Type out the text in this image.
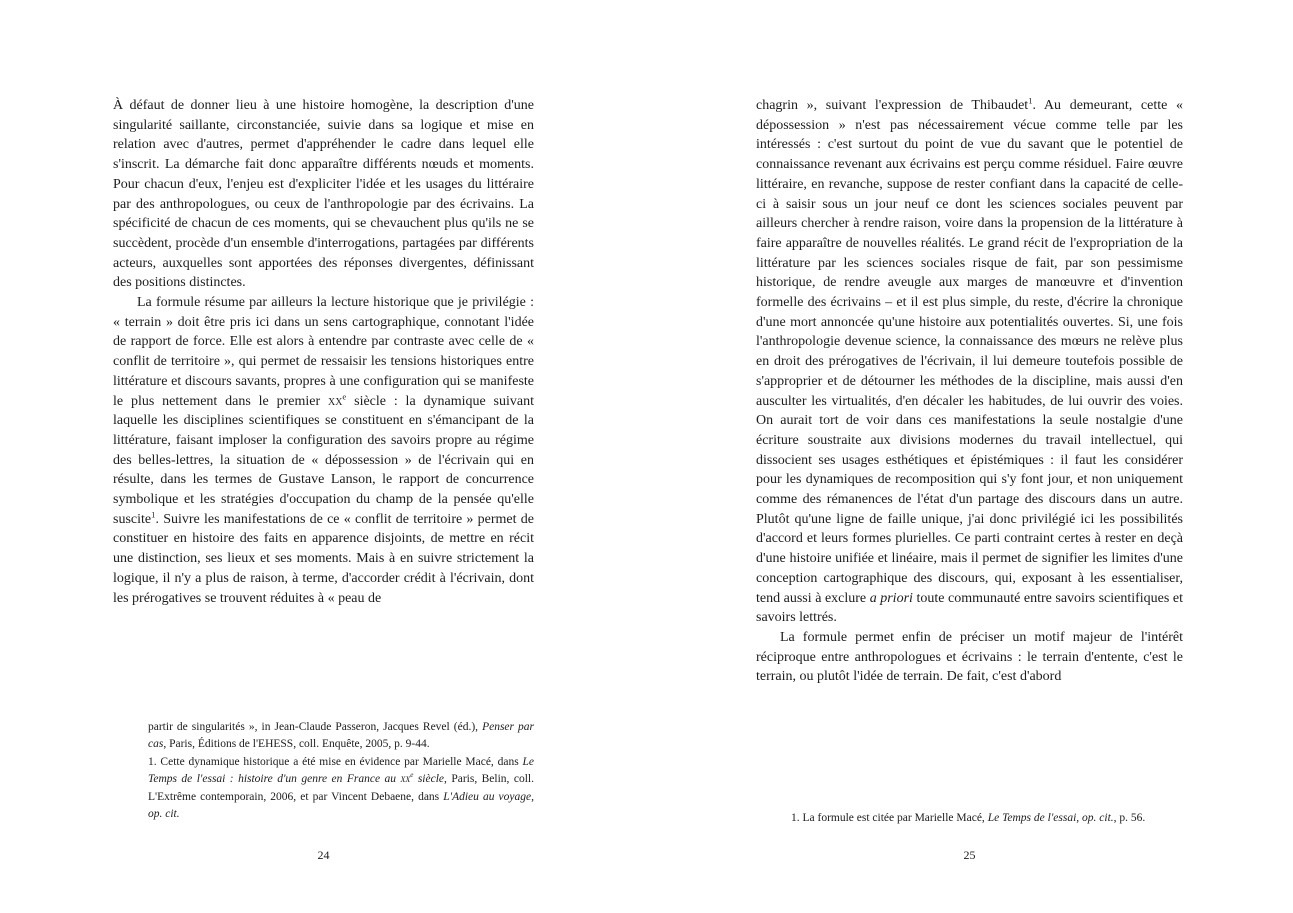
À défaut de donner lieu à une histoire homogène, la description d'une singularité saillante, circonstanciée, suivie dans sa logique et mise en relation avec d'autres, permet d'appréhender le cadre dans lequel elle s'inscrit. La démarche fait donc apparaître différents nœuds et moments. Pour chacun d'eux, l'enjeu est d'expliciter l'idée et les usages du littéraire par des anthropologues, ou ceux de l'anthropologie par des écrivains. La spécificité de chacun de ces moments, qui se chevauchent plus qu'ils ne se succèdent, procède d'un ensemble d'interrogations, partagées par différents acteurs, auxquelles sont apportées des réponses divergentes, définissant des positions distinctes.

La formule résume par ailleurs la lecture historique que je privilégie : « terrain » doit être pris ici dans un sens cartographique, connotant l'idée de rapport de force. Elle est alors à entendre par contraste avec celle de « conflit de territoire », qui permet de ressaisir les tensions historiques entre littérature et discours savants, propres à une configuration qui se manifeste le plus nettement dans le premier $xx^e$ siècle : la dynamique suivant laquelle les disciplines scientifiques se constituent en s'émancipant de la littérature, faisant imploser la configuration des savoirs propre au régime des belles-lettres, la situation de « dépossession » de l'écrivain qui en résulte, dans les termes de Gustave Lanson, le rapport de concurrence symbolique et les stratégies d'occupation du champ de la pensée qu'elle suscite$^1$. Suivre les manifestations de ce « conflit de territoire » permet de constituer en histoire des faits en apparence disjoints, de mettre en récit une distinction, ses lieux et ses moments. Mais à en suivre strictement la logique, il n'y a plus de raison, à terme, d'accorder crédit à l'écrivain, dont les prérogatives se trouvent réduites à « peau de

partir de singularités », in Jean-Claude Passeron, Jacques Revel (éd.), Penser par cas, Paris, Éditions de l'EHESS, coll. Enquête, 2005, p. 9-44.

1. Cette dynamique historique a été mise en évidence par Marielle Macé, dans Le Temps de l'essai : histoire d'un genre en France au $xx^e$ siècle, Paris, Belin, coll. L'Extrême contemporain, 2006, et par Vincent Debaene, dans L'Adieu au voyage, op. cit.

24

chagrin », suivant l'expression de Thibaudet$^1$. Au demeurant, cette « dépossession » n'est pas nécessairement vécue comme telle par les intéressés : c'est surtout du point de vue du savant que le potentiel de connaissance revenant aux écrivains est perçu comme résiduel. Faire œuvre littéraire, en revanche, suppose de rester confiant dans la capacité de celle-ci à saisir sous un jour neuf ce dont les sciences sociales peuvent par ailleurs chercher à rendre raison, voire dans la propension de la littérature à faire apparaître de nouvelles réalités. Le grand récit de l'expropriation de la littérature par les sciences sociales risque de fait, par son pessimisme historique, de rendre aveugle aux marges de manœuvre et d'invention formelle des écrivains – et il est plus simple, du reste, d'écrire la chronique d'une mort annoncée qu'une histoire aux potentialités ouvertes. Si, une fois l'anthropologie devenue science, la connaissance des mœurs ne relève plus en droit des prérogatives de l'écrivain, il lui demeure toutefois possible de s'approprier et de détourner les méthodes de la discipline, mais aussi d'en ausculter les virtualités, d'en décaler les habitudes, de lui ouvrir des voies. On aurait tort de voir dans ces manifestations la seule nostalgie d'une écriture soustraite aux divisions modernes du travail intellectuel, qui dissocient ses usages esthétiques et épistémiques : il faut les considérer pour les dynamiques de recomposition qui s'y font jour, et non uniquement comme des rémanences de l'état d'un partage des discours dans un autre. Plutôt qu'une ligne de faille unique, j'ai donc privilégié ici les possibilités d'accord et leurs formes plurielles. Ce parti contraint certes à rester en deçà d'une histoire unifiée et linéaire, mais il permet de signifier les limites d'une conception cartographique des discours, qui, exposant à les essentialiser, tend aussi à exclure a priori toute communauté entre savoirs scientifiques et savoirs lettrés.

La formule permet enfin de préciser un motif majeur de l'intérêt réciproque entre anthropologues et écrivains : le terrain d'entente, c'est le terrain, ou plutôt l'idée de terrain. De fait, c'est d'abord

1. La formule est citée par Marielle Macé, Le Temps de l'essai, op. cit., p. 56.

25
